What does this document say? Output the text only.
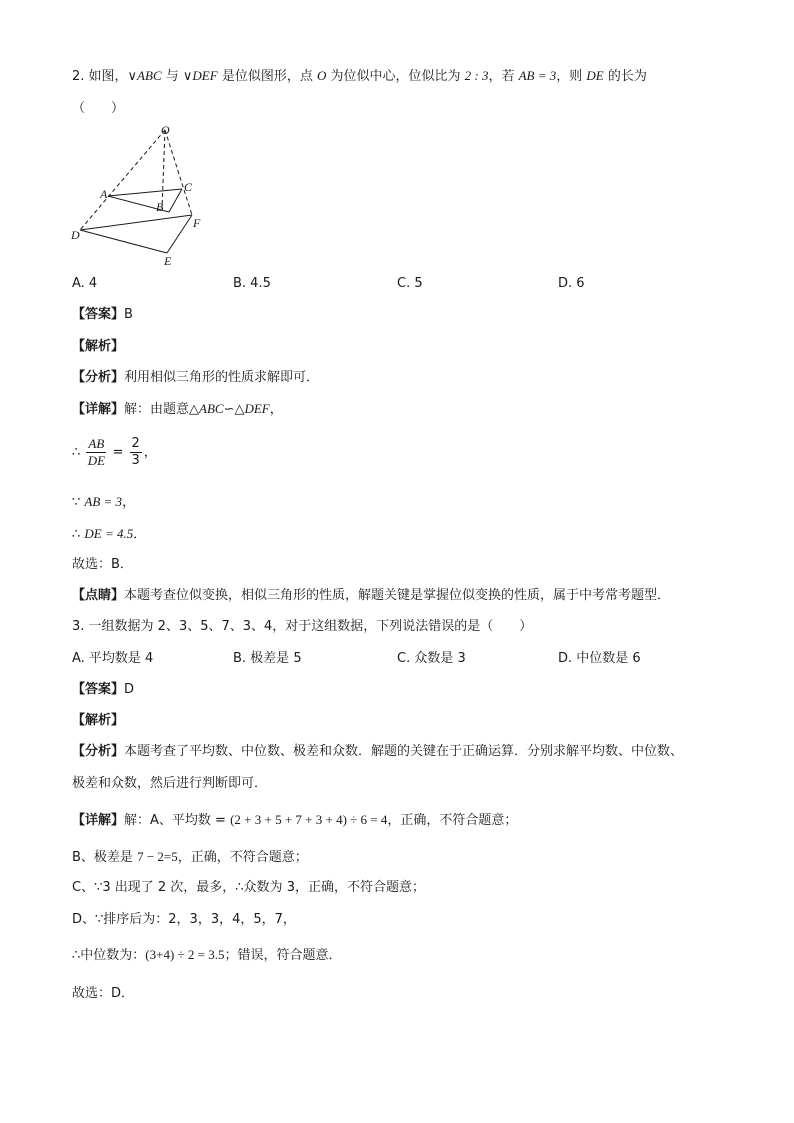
2. 如图，∨ABC 与 ∨DEF 是位似图形，点 O 为位似中心，位似比为 2 : 3，若 AB = 3，则 DE 的长为
（　　）
O
A
B
C
D
E
F
A. 4	B. 4.5	C. 5	D. 6
【答案】B
【解析】
【分析】利用相似三角形的性质求解即可．
【详解】解：由题意△ABC∽△DEF，
∴ $\frac{AB}{DE} = \frac{2}{3}$ ，
∵ AB = 3，
∴ DE = 4.5．
故选：B．
【点睛】本题考查位似变换，相似三角形的性质，解题关键是掌握位似变换的性质，属于中考常考题型．
3. 一组数据为 2、3、5、7、3、4，对于这组数据，下列说法错误的是（　　）
A. 平均数是 4	B. 极差是 5	C. 众数是 3	D. 中位数是 6
【答案】D
【解析】
【分析】本题考查了平均数、中位数、极差和众数．解题的关键在于正确运算．分别求解平均数、中位数、
极差和众数，然后进行判断即可．
【详解】解：A、平均数 = (2 + 3 + 5 + 7 + 3 + 4) ÷ 6 = 4，正确，不符合题意；
B、极差是 7 − 2=5，正确，不符合题意；
C、∵3 出现了 2 次，最多，∴众数为 3，正确，不符合题意；
D、∵排序后为：2，3，3，4，5，7，
∴中位数为：(3+4) ÷ 2 = 3.5；错误，符合题意．
故选：D．
